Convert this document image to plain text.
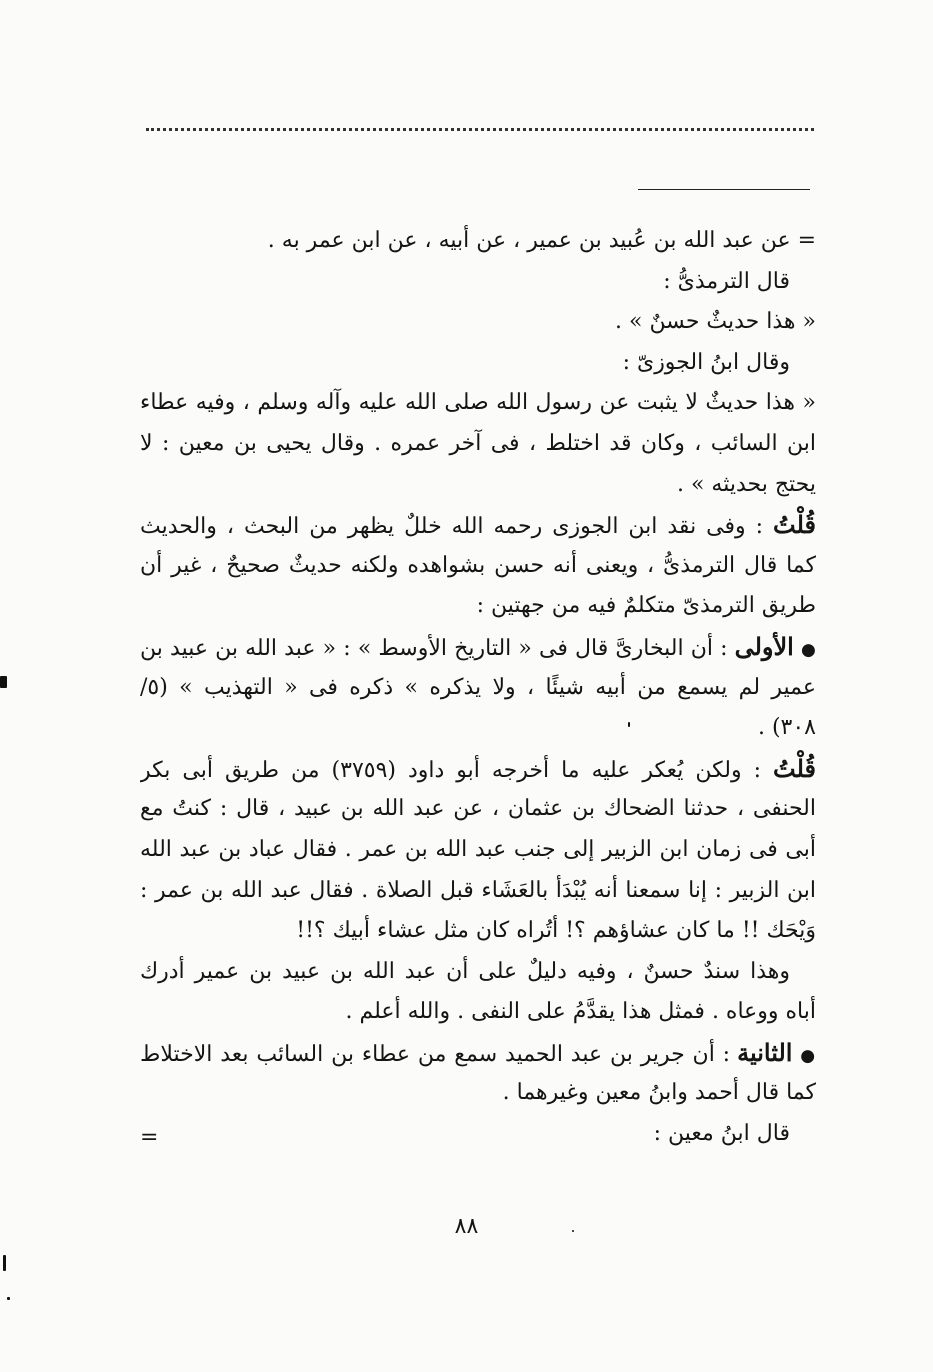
= عن عبد الله بن عُبيد بن عمير ، عن أبيه ، عن ابن عمر به .
قال الترمذىُّ :
« هذا حديثٌ حسنٌ » .
وقال ابنُ الجوزىّ :
« هذا حديثٌ لا يثبت عن رسول الله صلى الله عليه وآله وسلم ، وفيه عطاء
ابن السائب ، وكان قد اختلط ، فى آخر عمره . وقال يحيى بن معين : لا
يحتج بحديثه » .
قُلْتُ : وفى نقد ابن الجوزى رحمه الله خللٌ يظهر من البحث ، والحديث
كما قال الترمذىُّ ، ويعنى أنه حسن بشواهده ولكنه حديثٌ صحيحٌ ، غير أن
طريق الترمذىّ متكلمٌ فيه من جهتين :
● الأولى : أن البخارىَّ قال فى « التاريخ الأوسط » : « عبد الله بن عبيد بن
عمير لم يسمع من أبيه شيئًا ، ولا يذكره » ذكره فى « التهذيب » (٥/
٣٠٨) .
قُلْتُ : ولكن يُعكر عليه ما أخرجه أبو داود (٣٧٥٩) من طريق أبى بكر
الحنفى ، حدثنا الضحاك بن عثمان ، عن عبد الله بن عبيد ، قال : كنتُ مع
أبى فى زمان ابن الزبير إلى جنب عبد الله بن عمر . فقال عباد بن عبد الله
ابن الزبير : إنا سمعنا أنه يُبْدَأ بالعَشَاء قبل الصلاة . فقال عبد الله بن عمر :
وَيْحَك !! ما كان عشاؤهم ؟! أتُراه كان مثل عشاء أبيك ؟!!
وهذا سندٌ حسنٌ ، وفيه دليلٌ على أن عبد الله بن عبيد بن عمير أدرك
أباه ووعاه . فمثل هذا يقدَّمُ على النفى . والله أعلم .
● الثانية : أن جرير بن عبد الحميد سمع من عطاء بن السائب بعد الاختلاط
كما قال أحمد وابنُ معين وغيرهما .
قال ابنُ معين :
=
٨٨
